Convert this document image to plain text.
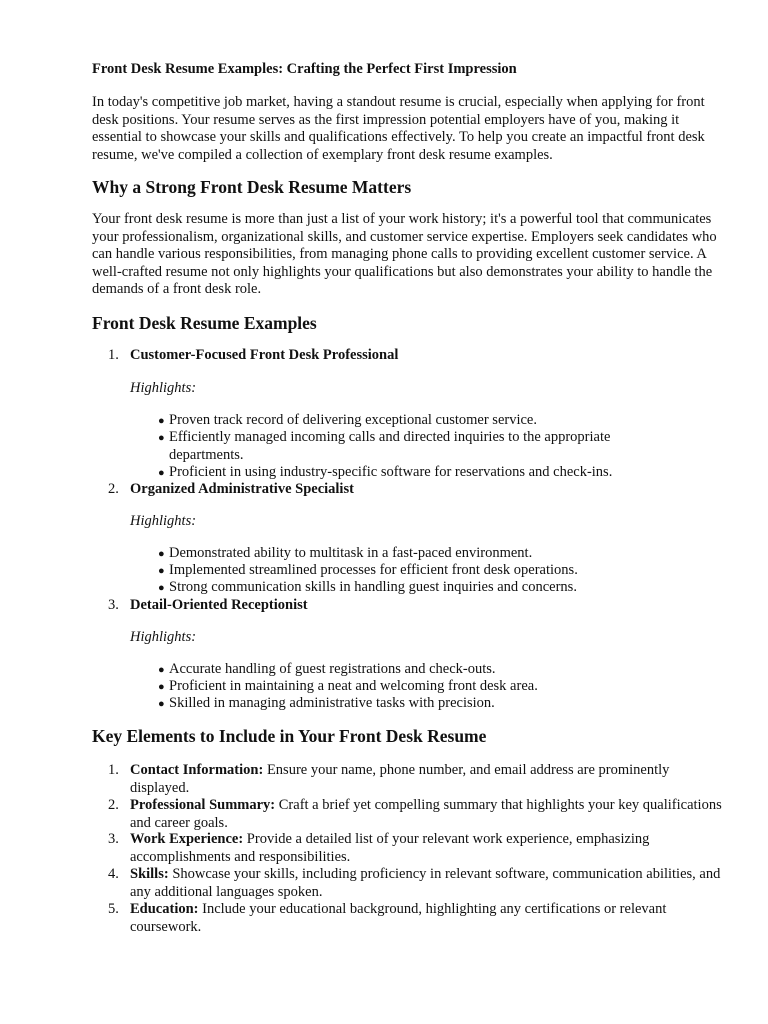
Front Desk Resume Examples: Crafting the Perfect First Impression

In today's competitive job market, having a standout resume is crucial, especially when applying for front desk positions. Your resume serves as the first impression potential employers have of you, making it essential to showcase your skills and qualifications effectively. To help you create an impactful front desk resume, we've compiled a collection of exemplary front desk resume examples.

Why a Strong Front Desk Resume Matters

Your front desk resume is more than just a list of your work history; it's a powerful tool that communicates your professionalism, organizational skills, and customer service expertise. Employers seek candidates who can handle various responsibilities, from managing phone calls to providing excellent customer service. A well-crafted resume not only highlights your qualifications but also demonstrates your ability to handle the demands of a front desk role.

Front Desk Resume Examples
1. Customer-Focused Front Desk Professional

Highlights:

● Proven track record of delivering exceptional customer service.
● Efficiently managed incoming calls and directed inquiries to the appropriate departments.
● Proficient in using industry-specific software for reservations and check-ins.
2. Organized Administrative Specialist

Highlights:

● Demonstrated ability to multitask in a fast-paced environment.
● Implemented streamlined processes for efficient front desk operations.
● Strong communication skills in handling guest inquiries and concerns.
3. Detail-Oriented Receptionist

Highlights:

● Accurate handling of guest registrations and check-outs.
● Proficient in maintaining a neat and welcoming front desk area.
● Skilled in managing administrative tasks with precision.
Key Elements to Include in Your Front Desk Resume
1. Contact Information: Ensure your name, phone number, and email address are prominently displayed.
2. Professional Summary: Craft a brief yet compelling summary that highlights your key qualifications and career goals.
3. Work Experience: Provide a detailed list of your relevant work experience, emphasizing accomplishments and responsibilities.
4. Skills: Showcase your skills, including proficiency in relevant software, communication abilities, and any additional languages spoken.
5. Education: Include your educational background, highlighting any certifications or relevant coursework.
